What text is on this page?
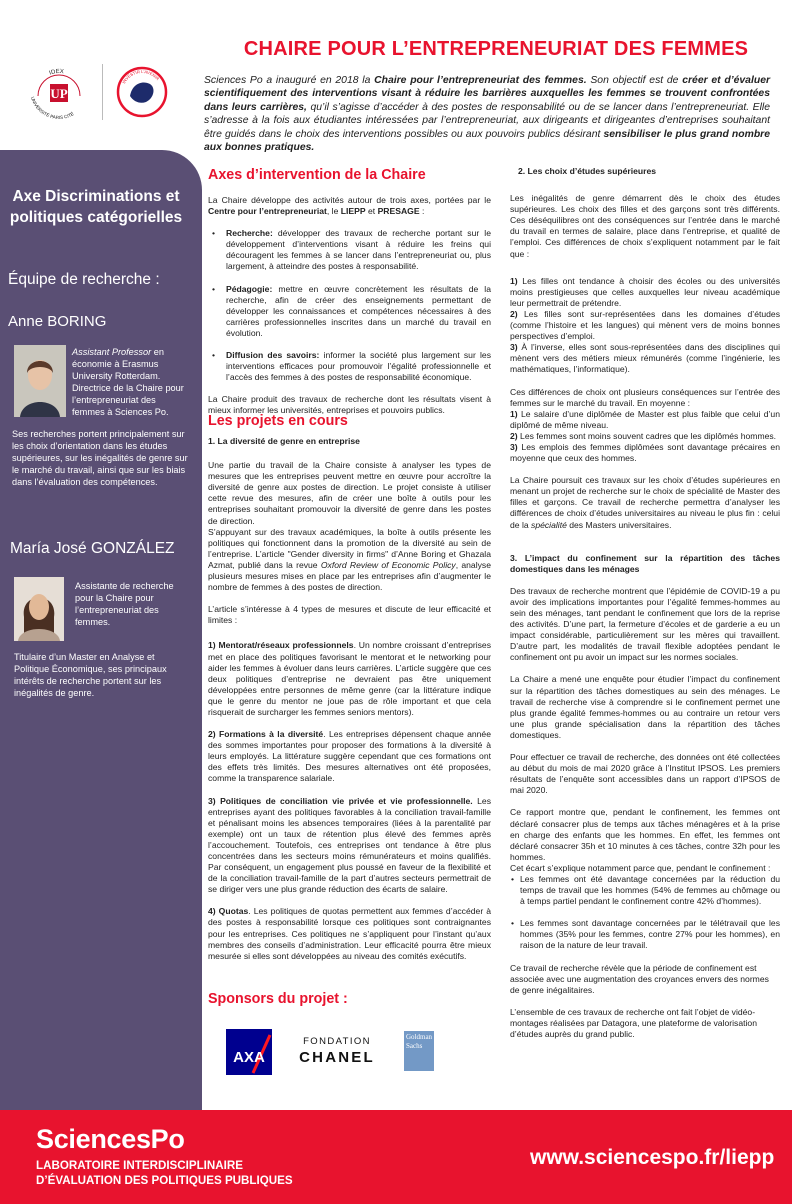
CHAIRE POUR L’ENTREPRENEURIAT DES FEMMES
IDEX
UNIVERSITÉ PARIS CITÉ
UP
INVESTIR L’AVENIR	Sciences Po a inauguré en 2018 la Chaire pour l’entrepreneuriat des femmes. Son objectif est de créer et d’évaluer scientifiquement des interventions visant à réduire les barrières auxquelles les femmes se trouvent confrontées dans leurs carrières, qu’il s’agisse d’accéder à des postes de responsabilité ou de se lancer dans l’entrepreneuriat. Elle s’adresse à la fois aux étudiantes intéressées par l’entrepreneuriat, aux dirigeants et dirigeantes d’entreprises souhaitant être guidés dans le choix des interventions possibles ou aux pouvoirs publics désirant sensibiliser le plus grand nombre aux bonnes pratiques.
Axe Discriminations et politiques catégorielles
Équipe de recherche :
Anne BORING
Assistant Professor en économie à Erasmus University Rotterdam. Directrice de la Chaire pour l’entrepreneuriat des femmes à Sciences Po.
Ses recherches portent principalement sur les choix d’orientation dans les études supérieures, sur les inégalités de genre sur le marché du travail, ainsi que sur les biais dans l’évaluation des compétences.
María José GONZÁLEZ
Assistante de recherche pour la Chaire pour l’entrepreneuriat des femmes.
Titulaire d’un Master en Analyse et Politique Économique, ses principaux intérêts de recherche portent sur les inégalités de genre.
Axes d’intervention de la Chaire

La Chaire développe des activités autour de trois axes, portées par le Centre pour l’entrepreneuriat, le LIEPP et PRESAGE :

• Recherche: développer des travaux de recherche portant sur le développement d’interventions visant à réduire les freins qui découragent les femmes à se lancer dans l’entrepreneuriat ou, plus largement, à atteindre des postes à responsabilité.

• Pédagogie: mettre en œuvre concrètement les résultats de la recherche, afin de créer des enseignements permettant de développer les connaissances et compétences nécessaires à des carrières professionnelles inscrites dans un marché du travail en évolution.

• Diffusion des savoirs: informer la société plus largement sur les interventions efficaces pour promouvoir l’égalité professionnelle et l’accès des femmes à des postes de responsabilité économique.

La Chaire produit des travaux de recherche dont les résultats visent à mieux informer les universités, entreprises et pouvoirs publics.

Les projets en cours

1. La diversité de genre en entreprise

Une partie du travail de la Chaire consiste à analyser les types de mesures que les entreprises peuvent mettre en œuvre pour accroître la diversité de genre aux postes de direction. Le projet consiste à utiliser cette revue des mesures, afin de créer une boîte à outils pour les entreprises souhaitant promouvoir la diversité de genre dans les postes de direction.

S’appuyant sur des travaux académiques, la boîte à outils présente les politiques qui fonctionnent dans la promotion de la diversité au sein de l’entreprise. L’article "Gender diversity in firms" d’Anne Boring et Ghazala Azmat, publié dans la revue Oxford Review of Economic Policy, analyse plusieurs mesures mises en place par les entreprises afin d’augmenter le nombre de femmes à des postes de direction.

L’article s’intéresse à 4 types de mesures et discute de leur efficacité et limites :

1) Mentorat/réseaux professionnels. Un nombre croissant d’entreprises met en place des politiques favorisant le mentorat et le networking pour aider les femmes à évoluer dans leurs carrières. L’article suggère que ces deux politiques d’entreprise ne devraient pas être uniquement développées entre personnes de même genre (car la littérature indique que le genre du mentor ne joue pas de rôle important et que cela risquerait de surcharger les femmes seniors mentors).

2) Formations à la diversité. Les entreprises dépensent chaque année des sommes importantes pour proposer des formations à la diversité à leurs employés. La littérature suggère cependant que ces formations ont des effets très limités. Des mesures alternatives ont été proposées, comme la transparence salariale.

3) Politiques de conciliation vie privée et vie professionnelle. Les entreprises ayant des politiques favorables à la conciliation travail-famille et pénalisant moins les absences temporaires (liées à la parentalité par exemple) ont un taux de rétention plus élevé des femmes après l’accouchement. Toutefois, ces entreprises ont tendance à être plus concentrées dans les secteurs moins rémunérateurs et moins qualifiés. Par conséquent, un engagement plus poussé en faveur de la flexibilité et de la conciliation travail-famille de la part d’autres secteurs permettrait de se diriger vers une plus grande réduction des écarts de salaire.

4) Quotas. Les politiques de quotas permettent aux femmes d’accéder à des postes à responsabilité lorsque ces politiques sont contraignantes pour les entreprises. Ces politiques ne s’appliquent pour l’instant qu’aux membres des conseils d’administration. Leur efficacité pourra être mieux mesurée si elles sont développées au niveau des comités exécutifs.

Sponsors du projet :
AXA
FONDATION
CHANEL
Goldman
Sachs

2. Les choix d’études supérieures

Les inégalités de genre démarrent dès le choix des études supérieures. Les choix des filles et des garçons sont très différents. Ces déséquilibres ont des conséquences sur l’entrée dans le marché du travail en termes de salaire, place dans l’entreprise, et qualité de l’emploi. Ces différences de choix s’expliquent notamment par le fait que :

1) Les filles ont tendance à choisir des écoles ou des universités moins prestigieuses que celles auxquelles leur niveau académique leur permettrait de prétendre.
2) Les filles sont sur-représentées dans les domaines d’études (comme l’histoire et les langues) qui mènent vers de moins bonnes perspectives d’emploi.
3) À l’inverse, elles sont sous-représentées dans des disciplines qui mènent vers des métiers mieux rémunérés (comme l’ingénierie, les mathématiques, l’informatique).

Ces différences de choix ont plusieurs conséquences sur l’entrée des femmes sur le marché du travail. En moyenne :

1) Le salaire d’une diplômée de Master est plus faible que celui d’un diplômé de même niveau.
2) Les femmes sont moins souvent cadres que les diplômés hommes.
3) Les emplois des femmes diplômées sont davantage précaires en moyenne que ceux des hommes.

La Chaire poursuit ces travaux sur les choix d’études supérieures en menant un projet de recherche sur le choix de spécialité de Master des filles et garçons. Ce travail de recherche permettra d’analyser les différences de choix d’études universitaires au niveau le plus fin : celui de la spécialité des Masters universitaires.

3. L’impact du confinement sur la répartition des tâches domestiques dans les ménages

Des travaux de recherche montrent que l’épidémie de COVID-19 a pu avoir des implications importantes pour l’égalité femmes-hommes au sein des ménages, tant pendant le confinement que lors de la reprise des activités. D’une part, la fermeture d’écoles et de garderie a eu un impact considérable, particulièrement sur les mères qui travaillent. D’autre part, les modalités de travail flexible adoptées pendant le confinement ont pu avoir un impact sur les normes sociales.

La Chaire a mené une enquête pour étudier l’impact du confinement sur la répartition des tâches domestiques au sein des ménages. Le travail de recherche vise à comprendre si le confinement permet une plus grande égalité femmes-hommes ou au contraire un retour vers une plus grande spécialisation dans la répartition des tâches domestiques.

Pour effectuer ce travail de recherche, des données ont été collectées au début du mois de mai 2020 grâce à l’Institut IPSOS. Les premiers résultats de l’enquête sont accessibles dans un rapport d’IPSOS de mai 2020.

Ce rapport montre que, pendant le confinement, les femmes ont déclaré consacrer plus de temps aux tâches ménagères et à la prise en charge des enfants que les hommes. En effet, les femmes ont déclaré consacrer 35h et 10 minutes à ces tâches, contre 32h pour les hommes.

Cet écart s’explique notamment parce que, pendant le confinement :

• Les femmes ont été davantage concernées par la réduction du temps de travail que les hommes (54% de femmes au chômage ou à temps partiel pendant le confinement contre 42% d’hommes).

• Les femmes sont davantage concernées par le télétravail que les hommes (35% pour les femmes, contre 27% pour les hommes), en raison de la nature de leur travail.

Ce travail de recherche révèle que la période de confinement est associée avec une augmentation des croyances envers des normes de genre inégalitaires.

L’ensemble de ces travaux de recherche ont fait l’objet de vidéo-montages réalisées par Datagora, une plateforme de valorisation d’études auprès du grand public.

SciencesPo
LABORATOIRE INTERDISCIPLINAIRE
D’ÉVALUATION DES POLITIQUES PUBLIQUES
www.sciencespo.fr/liepp
